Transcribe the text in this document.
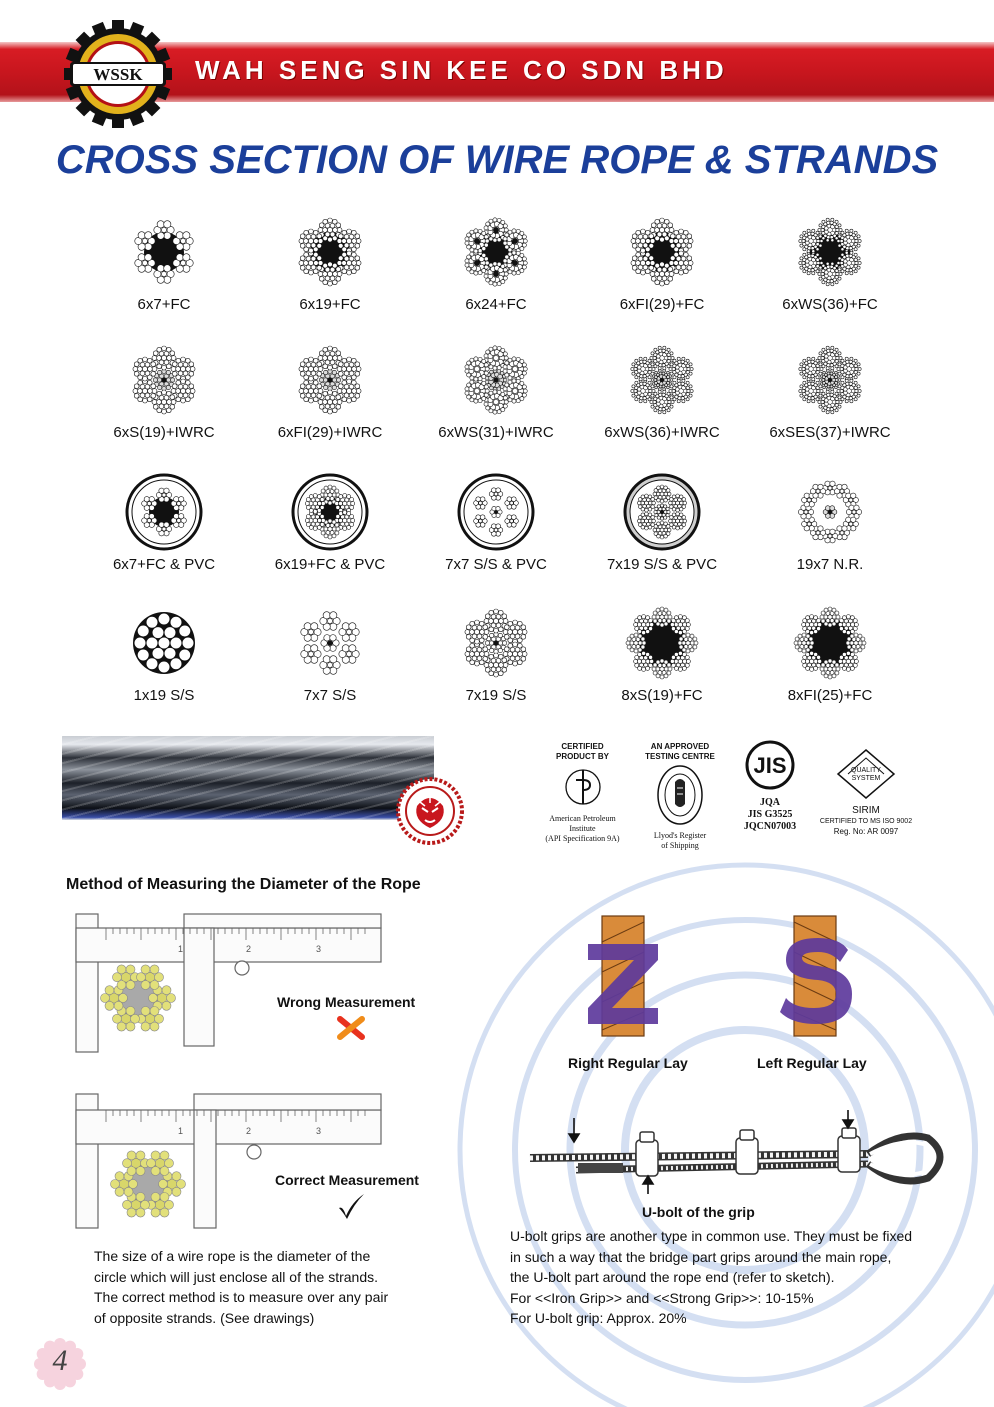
WAH SENG SIN KEE CO SDN BHD
WSSK
CROSS SECTION OF WIRE ROPE & STRANDS
6x7+FC	6x19+FC	6x24+FC	6xFI(29)+FC	6xWS(36)+FC
6xS(19)+IWRC	6xFI(29)+IWRC	6xWS(31)+IWRC	6xWS(36)+IWRC	6xSES(37)+IWRC
6x7+FC & PVC	6x19+FC & PVC	7x7 S/S & PVC	7x19 S/S & PVC	19x7 N.R.
1x19 S/S	7x7 S/S	7x19 S/S	8xS(19)+FC	8xFI(25)+FC
CERTIFIED
PRODUCT BY
American Petroleum
Institute
(API Specification 9A)
AN APPROVED
TESTING CENTRE
Llyod's Register
of Shipping
JIS
JQA
JIS G3525
JQCN07003
QUALITY
SYSTEM
SIRIM
CERTIFIED TO MS ISO 9002
Reg. No: AR 0097
Method of Measuring the Diameter of the Rope
1	2	3
Wrong Measurement
1	2	3
Correct Measurement

The size of a wire rope is the diameter of the

circle which will just enclose all of the strands.

The correct method is to measure over any pair

of opposite strands. (See drawings)

Right Regular Lay	Left Regular Lay
U-bolt of the grip

U-bolt grips are another type in common use. They must be fixed

in such a way that the bridge part grips around the main rope,

the U-bolt part around the rope end (refer to sketch).

For <<Iron Grip>> and <<Strong Grip>>: 10-15%

For U-bolt grip: Approx. 20%

4
